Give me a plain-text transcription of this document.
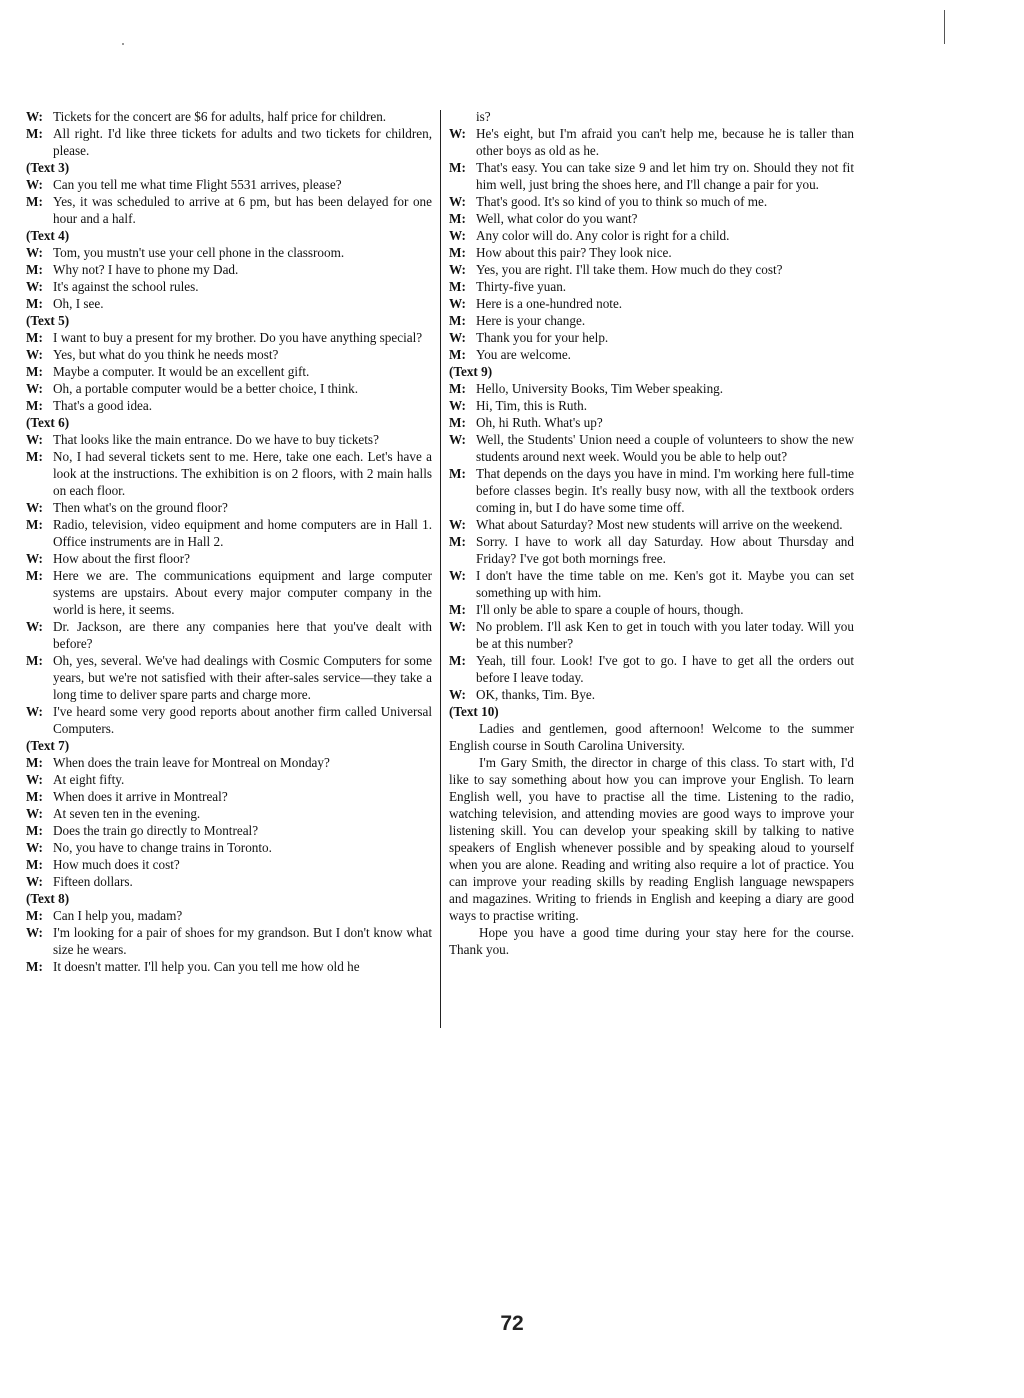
W: Tickets for the concert are $6 for adults, half price for children.
M: All right. I'd like three tickets for adults and two tickets for children, please.
(Text 3)
W: Can you tell me what time Flight 5531 arrives, please?
M: Yes, it was scheduled to arrive at 6 pm, but has been delayed for one hour and a half.
(Text 4)
W: Tom, you mustn't use your cell phone in the classroom.
M: Why not? I have to phone my Dad.
W: It's against the school rules.
M: Oh, I see.
(Text 5)
M: I want to buy a present for my brother. Do you have anything special?
W: Yes, but what do you think he needs most?
M: Maybe a computer. It would be an excellent gift.
W: Oh, a portable computer would be a better choice, I think.
M: That's a good idea.
(Text 6)
W: That looks like the main entrance. Do we have to buy tickets?
M: No, I had several tickets sent to me. Here, take one each. Let's have a look at the instructions. The exhibition is on 2 floors, with 2 main halls on each floor.
W: Then what's on the ground floor?
M: Radio, television, video equipment and home computers are in Hall 1. Office instruments are in Hall 2.
W: How about the first floor?
M: Here we are. The communications equipment and large computer systems are upstairs. About every major computer company in the world is here, it seems.
W: Dr. Jackson, are there any companies here that you've dealt with before?
M: Oh, yes, several. We've had dealings with Cosmic Computers for some years, but we're not satisfied with their after-sales service—they take a long time to deliver spare parts and charge more.
W: I've heard some very good reports about another firm called Universal Computers.
(Text 7)
M: When does the train leave for Montreal on Monday?
W: At eight fifty.
M: When does it arrive in Montreal?
W: At seven ten in the evening.
M: Does the train go directly to Montreal?
W: No, you have to change trains in Toronto.
M: How much does it cost?
W: Fifteen dollars.
(Text 8)
M: Can I help you, madam?
W: I'm looking for a pair of shoes for my grandson. But I don't know what size he wears.
M: It doesn't matter. I'll help you. Can you tell me how old he
is?
W: He's eight, but I'm afraid you can't help me, because he is taller than other boys as old as he.
M: That's easy. You can take size 9 and let him try on. Should they not fit him well, just bring the shoes here, and I'll change a pair for you.
W: That's good. It's so kind of you to think so much of me.
M: Well, what color do you want?
W: Any color will do. Any color is right for a child.
M: How about this pair? They look nice.
W: Yes, you are right. I'll take them. How much do they cost?
M: Thirty-five yuan.
W: Here is a one-hundred note.
M: Here is your change.
W: Thank you for your help.
M: You are welcome.
(Text 9)
M: Hello, University Books, Tim Weber speaking.
W: Hi, Tim, this is Ruth.
M: Oh, hi Ruth. What's up?
W: Well, the Students' Union need a couple of volunteers to show the new students around next week. Would you be able to help out?
M: That depends on the days you have in mind. I'm working here full-time before classes begin. It's really busy now, with all the textbook orders coming in, but I do have some time off.
W: What about Saturday? Most new students will arrive on the weekend.
M: Sorry. I have to work all day Saturday. How about Thursday and Friday? I've got both mornings free.
W: I don't have the time table on me. Ken's got it. Maybe you can set something up with him.
M: I'll only be able to spare a couple of hours, though.
W: No problem. I'll ask Ken to get in touch with you later today. Will you be at this number?
M: Yeah, till four. Look! I've got to go. I have to get all the orders out before I leave today.
W: OK, thanks, Tim. Bye.
(Text 10)
Ladies and gentlemen, good afternoon! Welcome to the summer English course in South Carolina University.
I'm Gary Smith, the director in charge of this class. To start with, I'd like to say something about how you can improve your English. To learn English well, you have to practise all the time. Listening to the radio, watching television, and attending movies are good ways to improve your listening skill. You can develop your speaking skill by talking to native speakers of English whenever possible and by speaking aloud to yourself when you are alone. Reading and writing also require a lot of practice. You can improve your reading skills by reading English language newspapers and magazines. Writing to friends in English and keeping a diary are good ways to practise writing.
Hope you have a good time during your stay here for the course. Thank you.
72
